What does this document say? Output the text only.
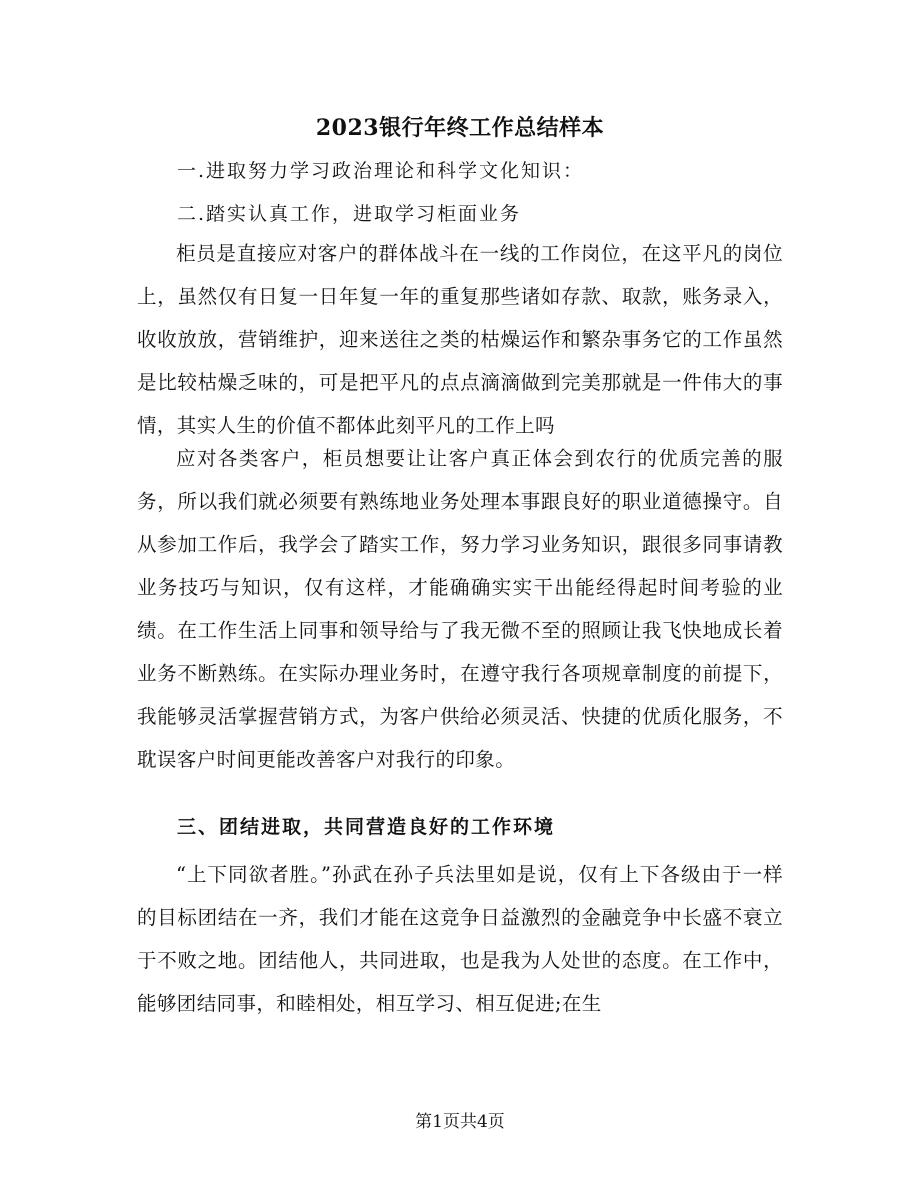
2023银行年终工作总结样本
一.进取努力学习政治理论和科学文化知识：
二.踏实认真工作，进取学习柜面业务

柜员是直接应对客户的群体战斗在一线的工作岗位，在这平凡的岗位上，虽然仅有日复一日年复一年的重复那些诸如存款、取款，账务录入，收收放放，营销维护，迎来送往之类的枯燥运作和繁杂事务它的工作虽然是比较枯燥乏味的，可是把平凡的点点滴滴做到完美那就是一件伟大的事情，其实人生的价值不都体此刻平凡的工作上吗

应对各类客户，柜员想要让让客户真正体会到农行的优质完善的服务，所以我们就必须要有熟练地业务处理本事跟良好的职业道德操守。自从参加工作后，我学会了踏实工作，努力学习业务知识，跟很多同事请教业务技巧与知识，仅有这样，才能确确实实干出能经得起时间考验的业绩。在工作生活上同事和领导给与了我无微不至的照顾让我飞快地成长着业务不断熟练。在实际办理业务时，在遵守我行各项规章制度的前提下，我能够灵活掌握营销方式，为客户供给必须灵活、快捷的优质化服务，不耽误客户时间更能改善客户对我行的印象。

三、团结进取，共同营造良好的工作环境

“上下同欲者胜。”孙武在孙子兵法里如是说，仅有上下各级由于一样的目标团结在一齐，我们才能在这竞争日益激烈的金融竞争中长盛不衰立于不败之地。团结他人，共同进取，也是我为人处世的态度。在工作中，能够团结同事，和睦相处，相互学习、相互促进;在生

第1页共4页
